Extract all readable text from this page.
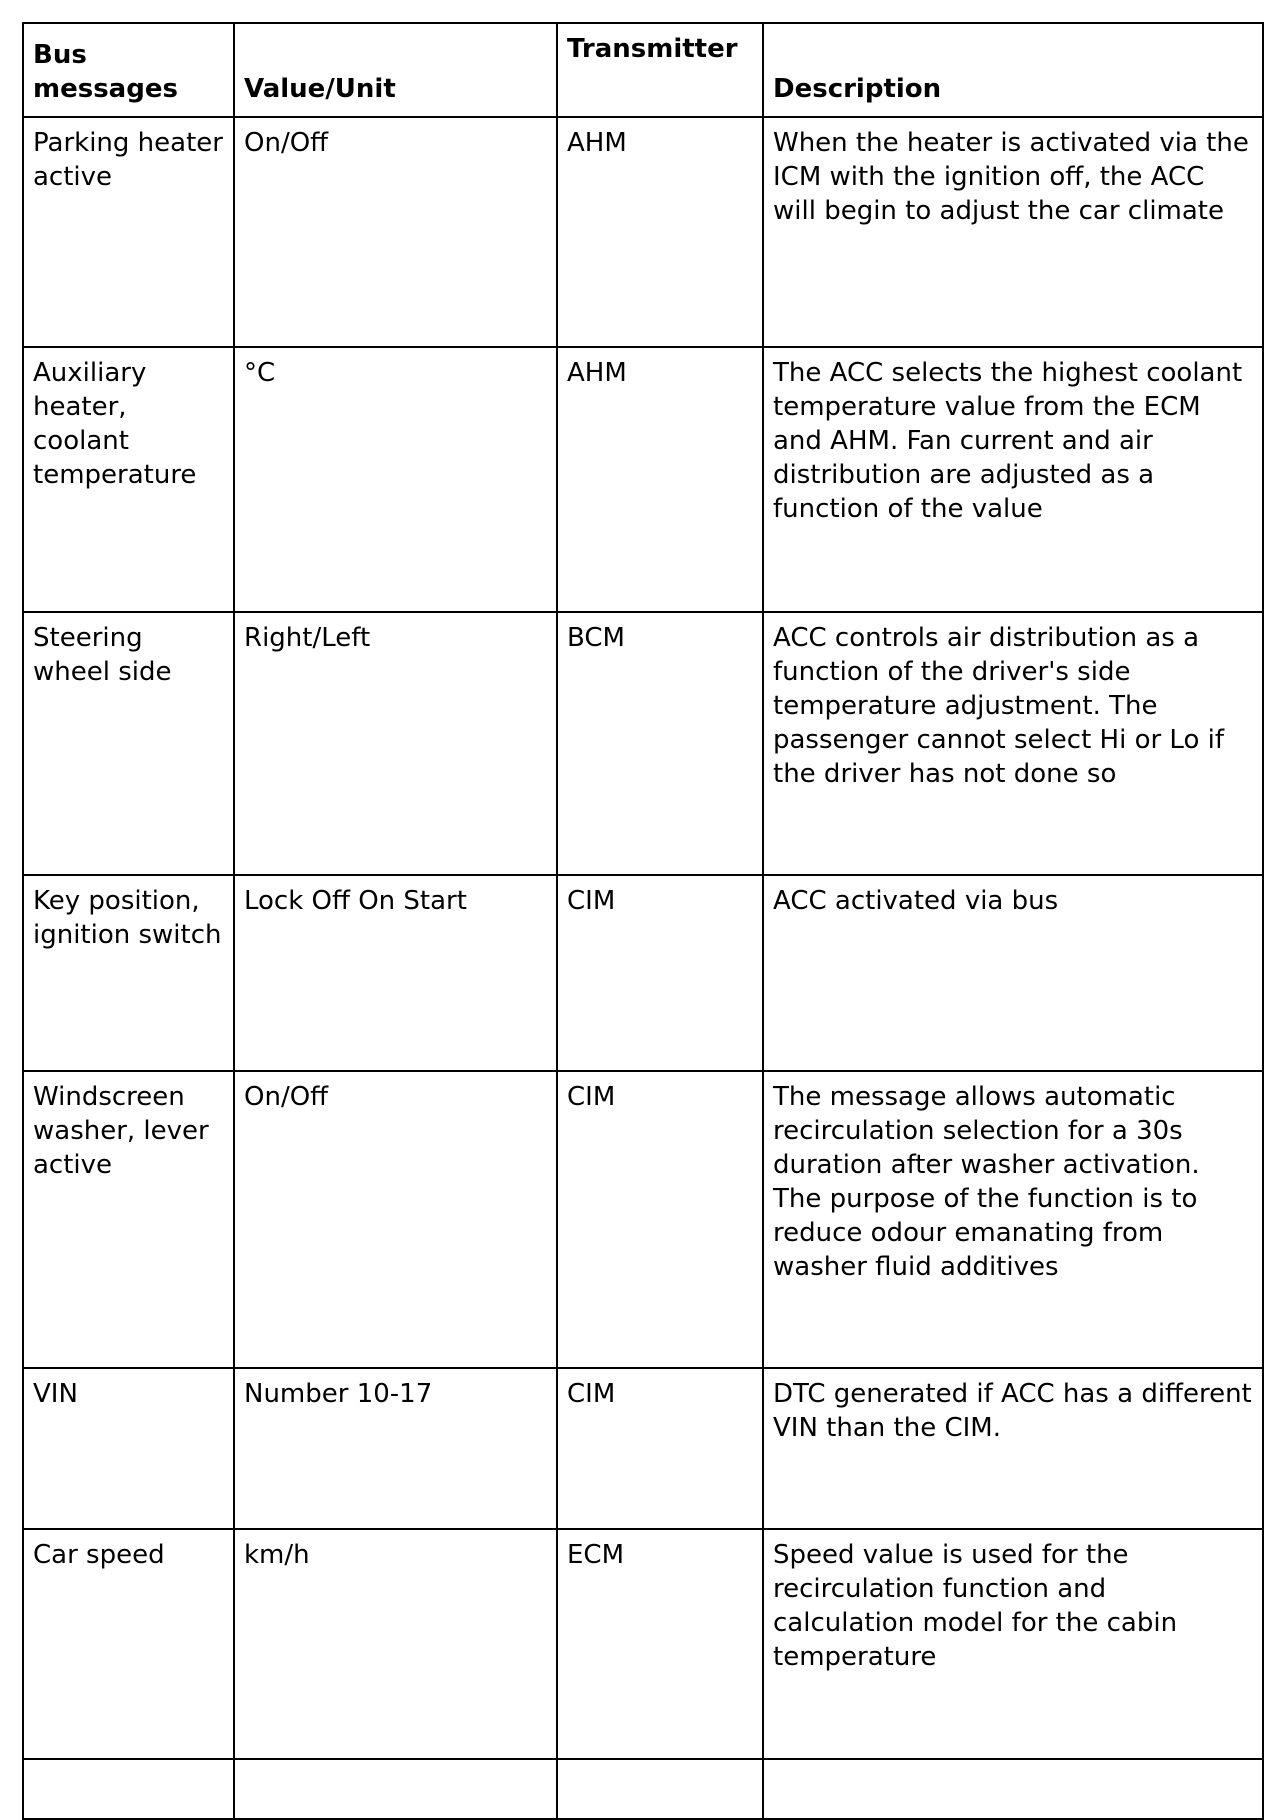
Bus messages	Value/Unit	Transmitter	Description
Parking heater active	On/Off	AHM	When the heater is activated via the ICM with the ignition off, the ACC will begin to adjust the car climate
Auxiliary heater, coolant temperature	°C	AHM	The ACC selects the highest coolant temperature value from the ECM and AHM. Fan current and air distribution are adjusted as a function of the value
Steering wheel side	Right/Left	BCM	ACC controls air distribution as a function of the driver's side temperature adjustment. The passenger cannot select Hi or Lo if the driver has not done so
Key position, ignition switch	Lock Off On Start	CIM	ACC activated via bus
Windscreen washer, lever active	On/Off	CIM	The message allows automatic recirculation selection for a 30s duration after washer activation. The purpose of the function is to reduce odour emanating from washer fluid additives
VIN	Number 10-17	CIM	DTC generated if ACC has a different VIN than the CIM.
Car speed	km/h	ECM	Speed value is used for the recirculation function and calculation model for the cabin temperature
